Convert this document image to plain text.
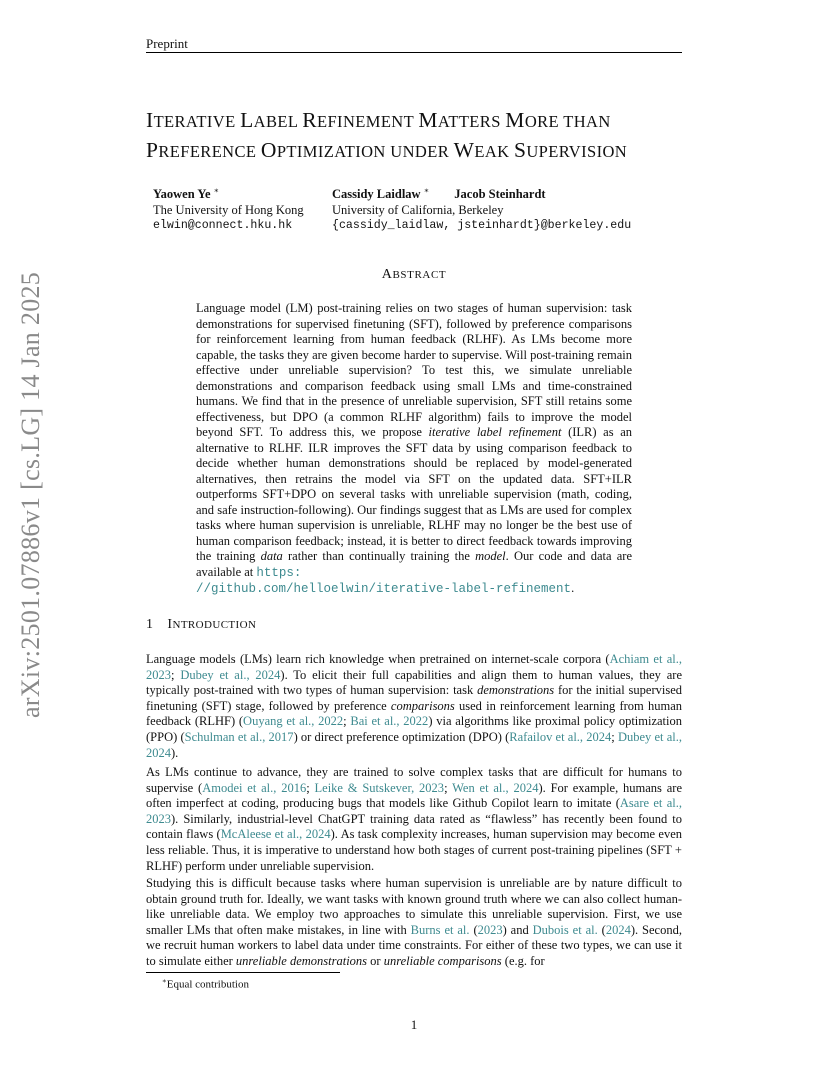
Preprint
arXiv:2501.07886v1 [cs.LG] 14 Jan 2025
ITERATIVE LABEL REFINEMENT MATTERS MORE THAN
PREFERENCE OPTIMIZATION UNDER WEAK SUPERVISION
Yaowen Ye ∗
The University of Hong Kong
elwin@connect.hku.hk
Cassidy Laidlaw ∗ Jacob Steinhardt
University of California, Berkeley
{cassidy_laidlaw, jsteinhardt}@berkeley.edu
ABSTRACT
Language model (LM) post-training relies on two stages of human supervision: task demonstrations for supervised finetuning (SFT), followed by preference comparisons for reinforcement learning from human feedback (RLHF). As LMs become more capable, the tasks they are given become harder to supervise. Will post-training remain effective under unreliable supervision? To test this, we simulate unreliable demonstrations and comparison feedback using small LMs and time-constrained humans. We find that in the presence of unreliable supervision, SFT still retains some effectiveness, but DPO (a common RLHF algorithm) fails to improve the model beyond SFT. To address this, we propose iterative label refinement (ILR) as an alternative to RLHF. ILR improves the SFT data by using comparison feedback to decide whether human demonstrations should be replaced by model-generated alternatives, then retrains the model via SFT on the updated data. SFT+ILR outperforms SFT+DPO on several tasks with unreliable supervision (math, coding, and safe instruction-following). Our findings suggest that as LMs are used for complex tasks where human supervision is unreliable, RLHF may no longer be the best use of human comparison feedback; instead, it is better to direct feedback towards improving the training data rather than continually training the model. Our code and data are available at https:
//github.com/helloelwin/iterative-label-refinement.
1 INTRODUCTION
Language models (LMs) learn rich knowledge when pretrained on internet-scale corpora (Achiam et al., 2023; Dubey et al., 2024). To elicit their full capabilities and align them to human values, they are typically post-trained with two types of human supervision: task demonstrations for the initial supervised finetuning (SFT) stage, followed by preference comparisons used in reinforcement learning from human feedback (RLHF) (Ouyang et al., 2022; Bai et al., 2022) via algorithms like proximal policy optimization (PPO) (Schulman et al., 2017) or direct preference optimization (DPO) (Rafailov et al., 2024; Dubey et al., 2024).
As LMs continue to advance, they are trained to solve complex tasks that are difficult for humans to supervise (Amodei et al., 2016; Leike & Sutskever, 2023; Wen et al., 2024). For example, humans are often imperfect at coding, producing bugs that models like Github Copilot learn to imitate (Asare et al., 2023). Similarly, industrial-level ChatGPT training data rated as “flawless” has recently been found to contain flaws (McAleese et al., 2024). As task complexity increases, human supervision may become even less reliable. Thus, it is imperative to understand how both stages of current post-training pipelines (SFT + RLHF) perform under unreliable supervision.
Studying this is difficult because tasks where human supervision is unreliable are by nature difficult to obtain ground truth for. Ideally, we want tasks with known ground truth where we can also collect human-like unreliable data. We employ two approaches to simulate this unreliable supervision. First, we use smaller LMs that often make mistakes, in line with Burns et al. (2023) and Dubois et al. (2024). Second, we recruit human workers to label data under time constraints. For either of these two types, we can use it to simulate either unreliable demonstrations or unreliable comparisons (e.g. for
∗Equal contribution
1
